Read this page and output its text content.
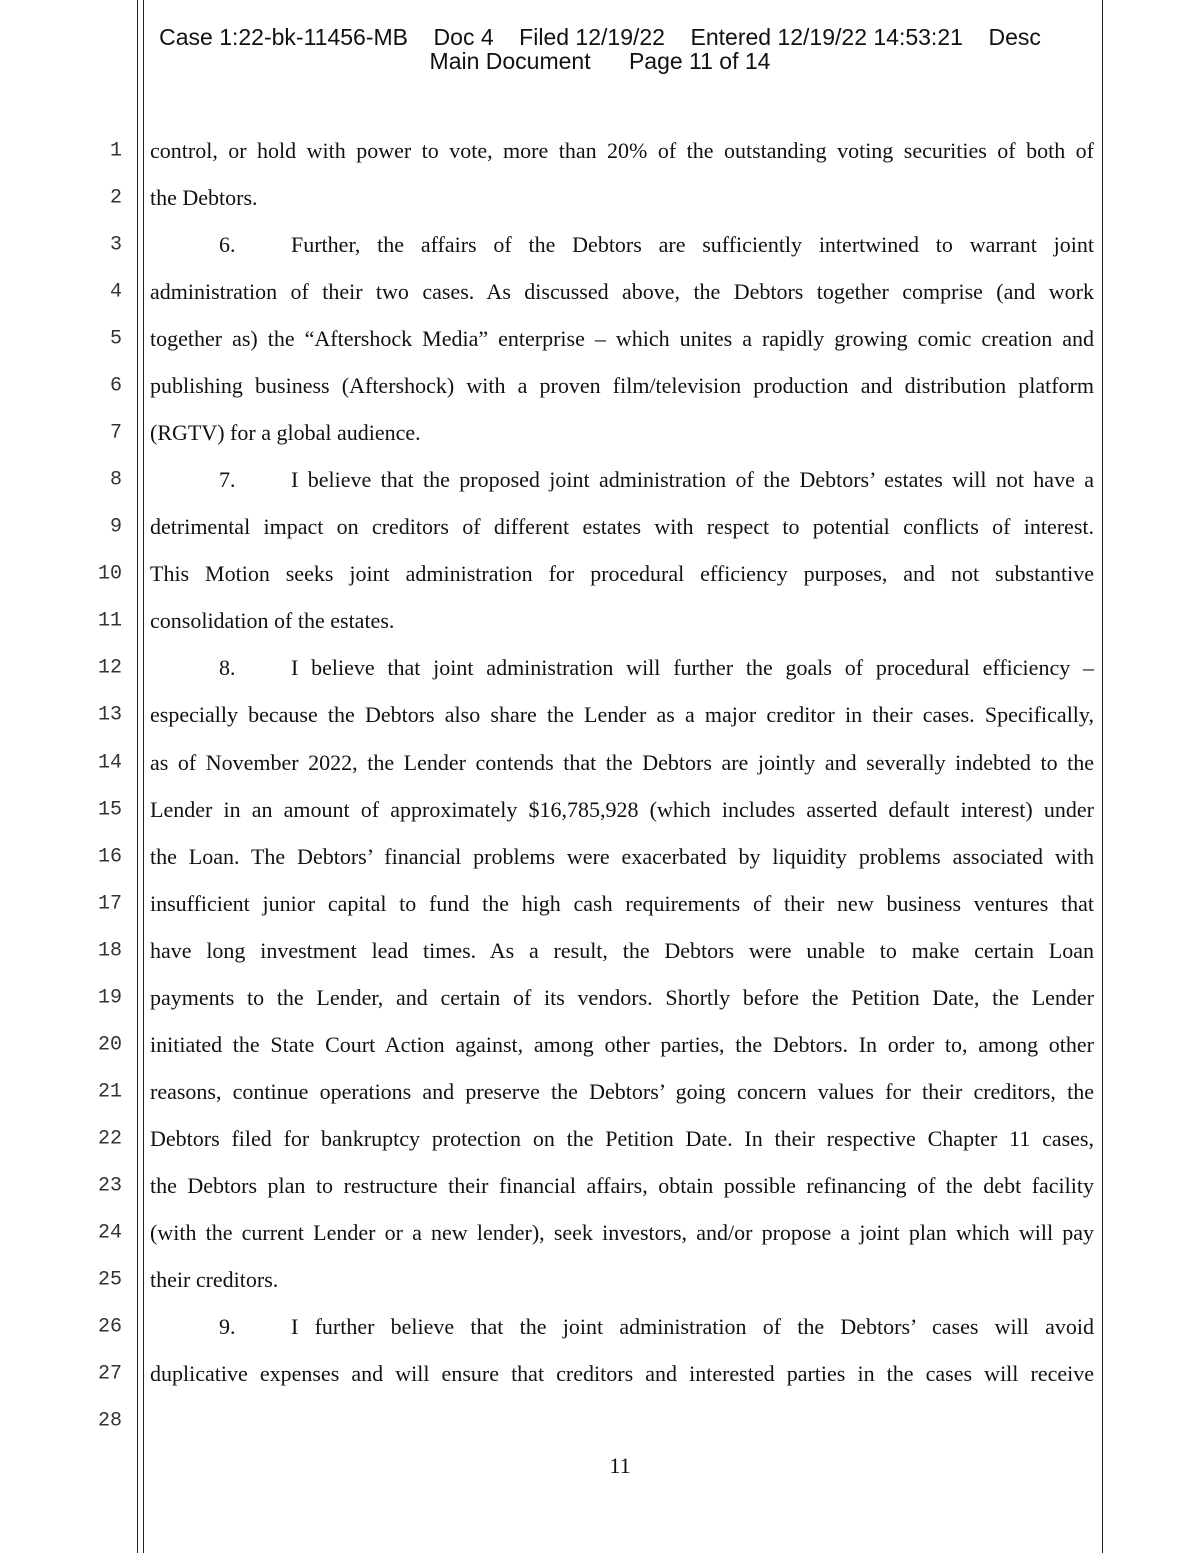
Case 1:22-bk-11456-MB    Doc 4    Filed 12/19/22    Entered 12/19/22 14:53:21    Desc
Main Document      Page 11 of 14
1
2
3
4
5
6
7
8
9
10
11
12
13
14
15
16
17
18
19
20
21
22
23
24
25
26
27
28
control, or hold with power to vote, more than 20% of the outstanding voting securities of both of
the Debtors.
6.	Further, the affairs of the Debtors are sufficiently intertwined to warrant joint
administration of their two cases. As discussed above, the Debtors together comprise (and work
together as) the “Aftershock Media” enterprise – which unites a rapidly growing comic creation and
publishing business (Aftershock) with a proven film/television production and distribution platform
(RGTV) for a global audience.
7.	I believe that the proposed joint administration of the Debtors’ estates will not have a
detrimental impact on creditors of different estates with respect to potential conflicts of interest.
This Motion seeks joint administration for procedural efficiency purposes, and not substantive
consolidation of the estates.
8.	I believe that joint administration will further the goals of procedural efficiency –
especially because the Debtors also share the Lender as a major creditor in their cases. Specifically,
as of November 2022, the Lender contends that the Debtors are jointly and severally indebted to the
Lender in an amount of approximately $16,785,928 (which includes asserted default interest) under
the Loan. The Debtors’ financial problems were exacerbated by liquidity problems associated with
insufficient junior capital to fund the high cash requirements of their new business ventures that
have long investment lead times. As a result, the Debtors were unable to make certain Loan
payments to the Lender, and certain of its vendors. Shortly before the Petition Date, the Lender
initiated the State Court Action against, among other parties, the Debtors. In order to, among other
reasons, continue operations and preserve the Debtors’ going concern values for their creditors, the
Debtors filed for bankruptcy protection on the Petition Date. In their respective Chapter 11 cases,
the Debtors plan to restructure their financial affairs, obtain possible refinancing of the debt facility
(with the current Lender or a new lender), seek investors, and/or propose a joint plan which will pay
their creditors.
9.	I further believe that the joint administration of the Debtors’ cases will avoid
duplicative expenses and will ensure that creditors and interested parties in the cases will receive
11
